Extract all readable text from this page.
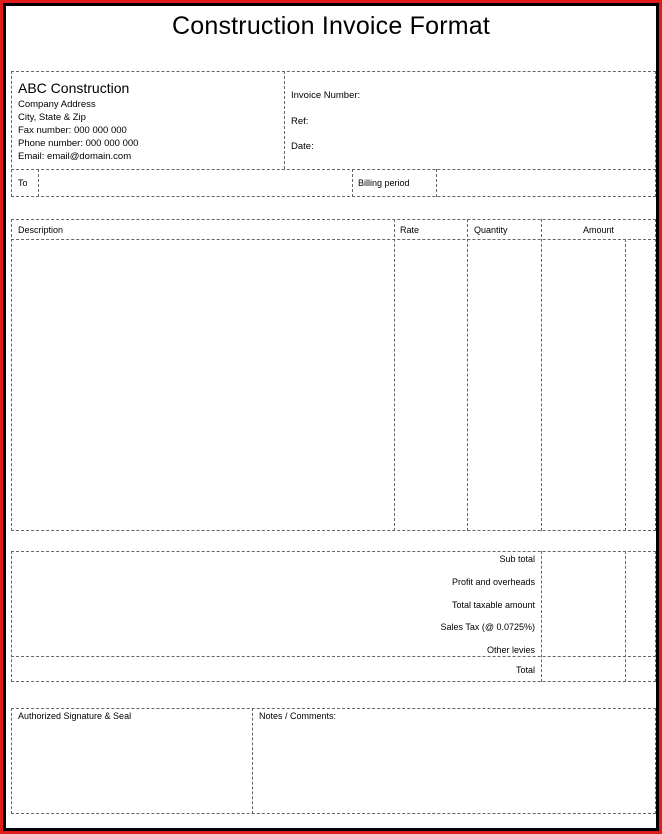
Construction Invoice Format
ABC Construction
Company Address
City, State & Zip
Fax number: 000 000 000
Phone number: 000 000 000
Email: email@domain.com
Invoice Number:
Ref:
Date:
To	Billing period
Description	Rate	Quantity	Amount
Sub total
Profit and overheads
Total taxable amount
Sales Tax (@ 0.0725%)
Other levies
Total
Authorized Signature & Seal	Notes / Comments:
